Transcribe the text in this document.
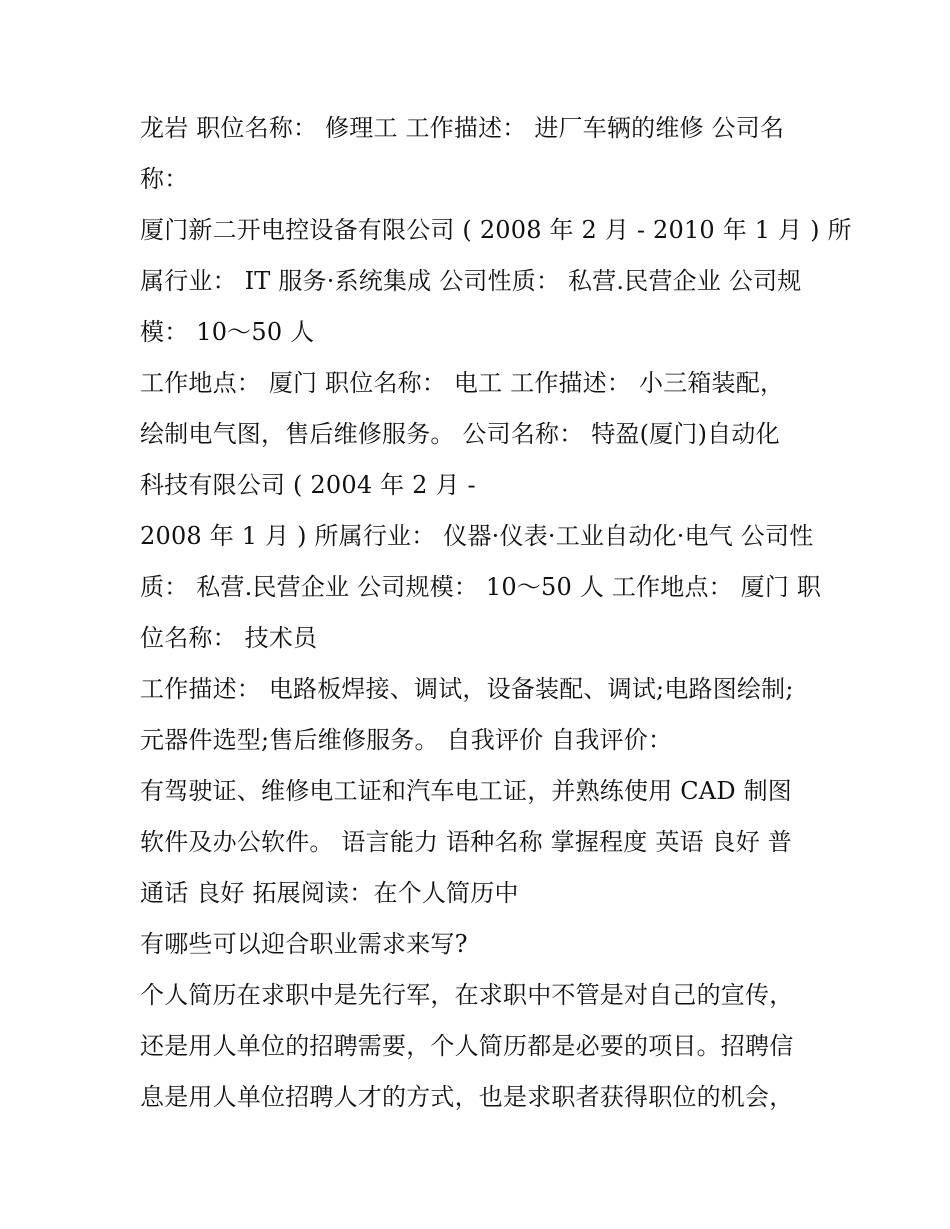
龙岩 职位名称： 修理工 工作描述： 进厂车辆的维修 公司名
称：
厦门新二开电控设备有限公司 ( 2008 年 2 月 - 2010 年 1 月 ) 所
属行业： IT 服务·系统集成 公司性质： 私营.民营企业 公司规
模： 10～50 人
工作地点： 厦门 职位名称： 电工 工作描述： 小三箱装配，
绘制电气图，售后维修服务。 公司名称： 特盈(厦门)自动化
科技有限公司 ( 2004 年 2 月 -
2008 年 1 月 ) 所属行业： 仪器·仪表·工业自动化·电气 公司性
质： 私营.民营企业 公司规模： 10～50 人 工作地点： 厦门 职
位名称： 技术员
工作描述： 电路板焊接、调试，设备装配、调试;电路图绘制;
元器件选型;售后维修服务。 自我评价 自我评价：
有驾驶证、维修电工证和汽车电工证，并熟练使用 CAD 制图
软件及办公软件。 语言能力 语种名称 掌握程度 英语 良好 普
通话 良好 拓展阅读：在个人简历中
有哪些可以迎合职业需求来写?
个人简历在求职中是先行军，在求职中不管是对自己的宣传，
还是用人单位的招聘需要，个人简历都是必要的项目。招聘信
息是用人单位招聘人才的方式，也是求职者获得职位的机会，
